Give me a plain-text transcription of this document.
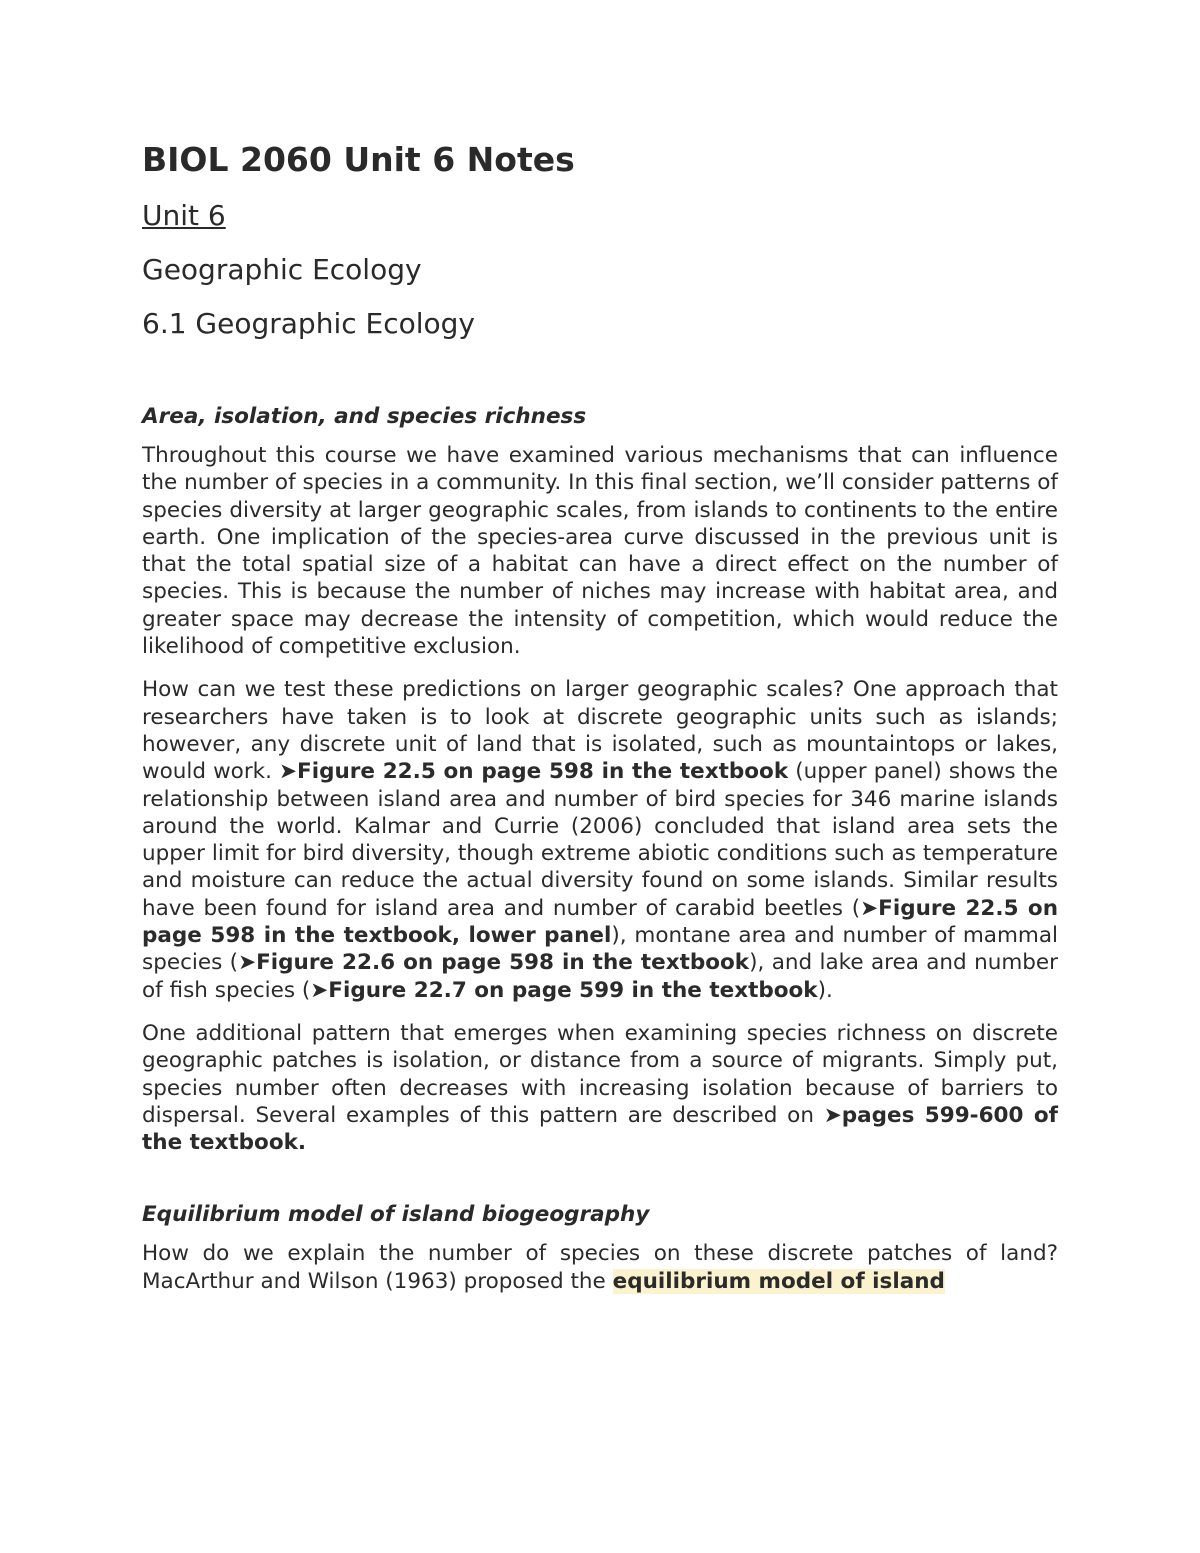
BIOL 2060 Unit 6 Notes
Unit 6
Geographic Ecology
6.1 Geographic Ecology
Area, isolation, and species richness

Throughout this course we have examined various mechanisms that can influence the number of species in a community. In this final section, we’ll consider patterns of species diversity at larger geographic scales, from islands to continents to the entire earth. One implication of the species-area curve discussed in the previous unit is that the total spatial size of a habitat can have a direct effect on the number of species. This is because the number of niches may increase with habitat area, and greater space may decrease the intensity of competition, which would reduce the likelihood of competitive exclusion.

How can we test these predictions on larger geographic scales? One approach that researchers have taken is to look at discrete geographic units such as islands; however, any discrete unit of land that is isolated, such as mountaintops or lakes, would work. ➤Figure 22.5 on page 598 in the textbook (upper panel) shows the relationship between island area and number of bird species for 346 marine islands around the world. Kalmar and Currie (2006) concluded that island area sets the upper limit for bird diversity, though extreme abiotic conditions such as temperature and moisture can reduce the actual diversity found on some islands. Similar results have been found for island area and number of carabid beetles (➤Figure 22.5 on page 598 in the textbook, lower panel), montane area and number of mammal species (➤Figure 22.6 on page 598 in the textbook), and lake area and number of fish species (➤Figure 22.7 on page 599 in the textbook).

One additional pattern that emerges when examining species richness on discrete geographic patches is isolation, or distance from a source of migrants. Simply put, species number often decreases with increasing isolation because of barriers to dispersal. Several examples of this pattern are described on ➤pages 599-600 of the textbook.

Equilibrium model of island biogeography

How do we explain the number of species on these discrete patches of land? MacArthur and Wilson (1963) proposed the equilibrium model of island
